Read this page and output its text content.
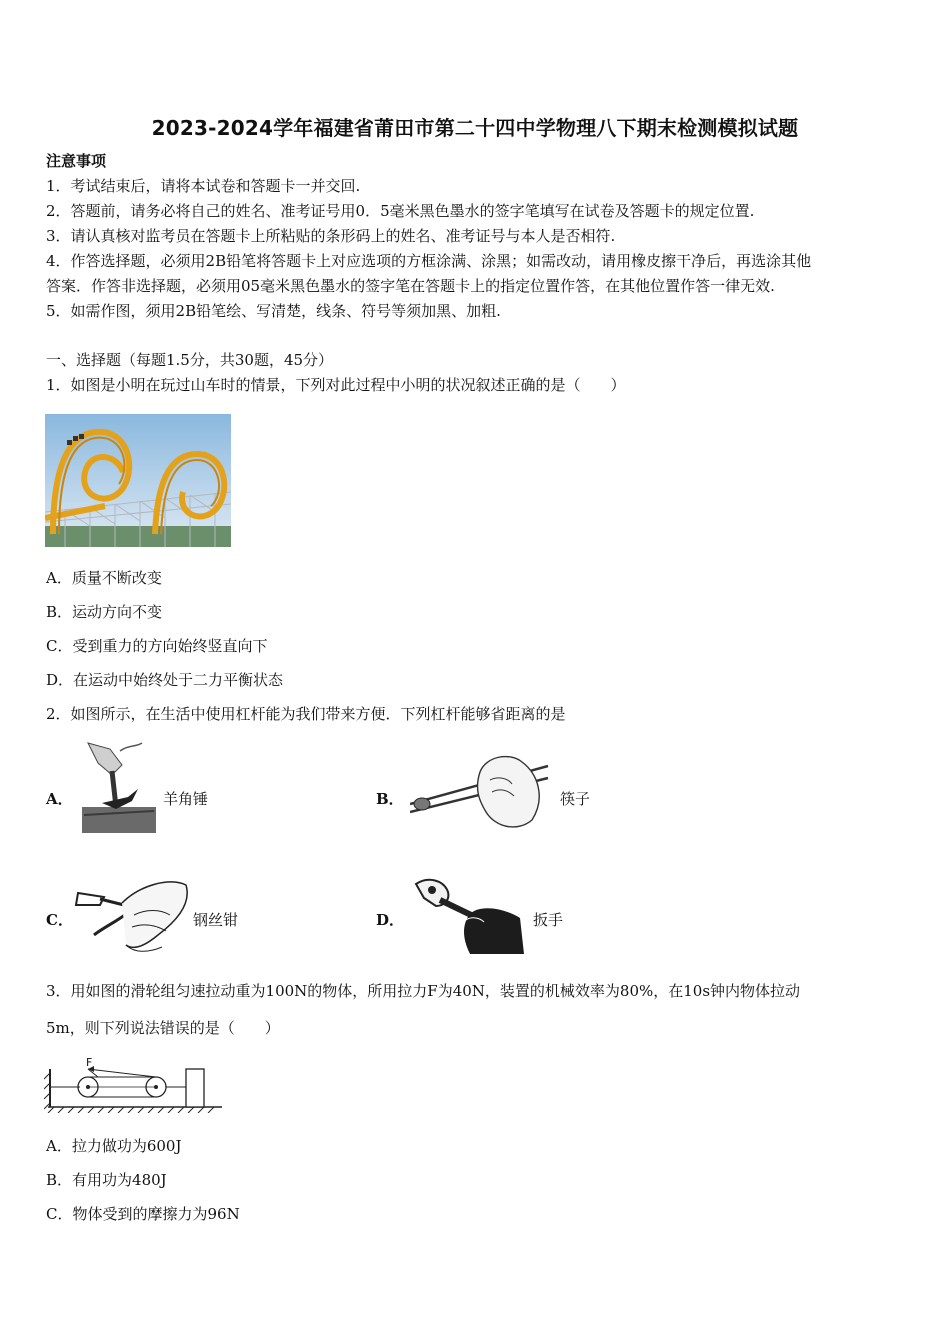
2023-2024学年福建省莆田市第二十四中学物理八下期末检测模拟试题
注意事项
1．考试结束后，请将本试卷和答题卡一并交回.
2．答题前，请务必将自己的姓名、准考证号用0．5毫米黑色墨水的签字笔填写在试卷及答题卡的规定位置.
3．请认真核对监考员在答题卡上所粘贴的条形码上的姓名、准考证号与本人是否相符.
4．作答选择题，必须用2B铅笔将答题卡上对应选项的方框涂满、涂黑；如需改动，请用橡皮擦干净后，再选涂其他
答案．作答非选择题，必须用05毫米黑色墨水的签字笔在答题卡上的指定位置作答，在其他位置作答一律无效.
5．如需作图，须用2B铅笔绘、写清楚，线条、符号等须加黑、加粗.
一、选择题（每题1.5分，共30题，45分）
1．如图是小明在玩过山车时的情景，下列对此过程中小明的状况叙述正确的是（　　）
A．质量不断改变
B．运动方向不变
C．受到重力的方向始终竖直向下
D．在运动中始终处于二力平衡状态
2．如图所示，在生活中使用杠杆能为我们带来方便．下列杠杆能够省距离的是
A．	羊角锤	B．	筷子
C．	钢丝钳	D．	扳手
3．用如图的滑轮组匀速拉动重为100N的物体，所用拉力F为40N，装置的机械效率为80%，在10s钟内物体拉动
5m，则下列说法错误的是（　　）
F
A．拉力做功为600J
B．有用功为480J
C．物体受到的摩擦力为96N
